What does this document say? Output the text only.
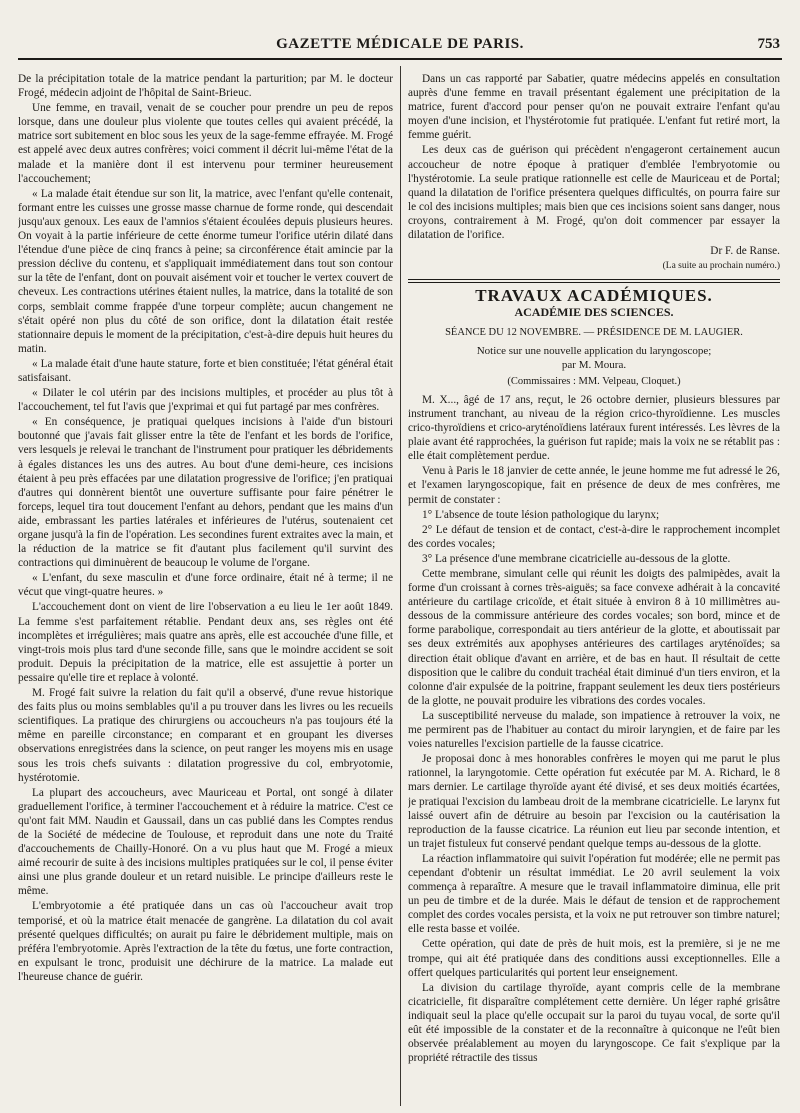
GAZETTE MÉDICALE DE PARIS.	753

De la précipitation totale de la matrice pendant la parturition; par M. le docteur Frogé, médecin adjoint de l'hôpital de Saint-Brieuc.

Une femme, en travail, venait de se coucher pour prendre un peu de repos lorsque, dans une douleur plus violente que toutes celles qui avaient précédé, la matrice sort subitement en bloc sous les yeux de la sage-femme effrayée. M. Frogé est appelé avec deux autres confrères; voici comment il décrit lui-même l'état de la malade et la manière dont il est intervenu pour terminer heureusement l'accouchement;

« La malade était étendue sur son lit, la matrice, avec l'enfant qu'elle contenait, formant entre les cuisses une grosse masse charnue de forme ronde, qui descendait jusqu'aux genoux. Les eaux de l'amnios s'étaient écoulées depuis plusieurs heures. On voyait à la partie inférieure de cette énorme tumeur l'orifice utérin dilaté dans l'étendue d'une pièce de cinq francs à peine; sa circonférence était amincie par la pression déclive du contenu, et s'appliquait immédiatement dans tout son contour sur la tête de l'enfant, dont on pouvait aisément voir et toucher le vertex couvert de cheveux. Les contractions utérines étaient nulles, la matrice, dans la totalité de son corps, semblait comme frappée d'une torpeur complète; aucun changement ne s'était opéré non plus du côté de son orifice, dont la dilatation était restée stationnaire depuis le moment de la précipitation, c'est-à-dire depuis huit heures du matin.

« La malade était d'une haute stature, forte et bien constituée; l'état général était satisfaisant.

« Dilater le col utérin par des incisions multiples, et procéder au plus tôt à l'accouchement, tel fut l'avis que j'exprimai et qui fut partagé par mes confrères.

« En conséquence, je pratiquai quelques incisions à l'aide d'un bistouri boutonné que j'avais fait glisser entre la tête de l'enfant et les bords de l'orifice, vers lesquels je relevai le tranchant de l'instrument pour pratiquer les débridements à égales distances les uns des autres. Au bout d'une demi-heure, ces incisions étaient à peu près effacées par une dilatation progressive de l'orifice; j'en pratiquai d'autres qui donnèrent bientôt une ouverture suffisante pour faire pénétrer le forceps, lequel tira tout doucement l'enfant au dehors, pendant que les mains d'un aide, embrassant les parties latérales et inférieures de l'utérus, soutenaient cet organe jusqu'à la fin de l'opération. Les secondines furent extraites avec la main, et la réduction de la matrice se fit d'autant plus facilement qu'il survint des contractions qui diminuèrent de beaucoup le volume de l'organe.

« L'enfant, du sexe masculin et d'une force ordinaire, était né à terme; il ne vécut que vingt-quatre heures. »

L'accouchement dont on vient de lire l'observation a eu lieu le 1er août 1849. La femme s'est parfaitement rétablie. Pendant deux ans, ses règles ont été incomplètes et irrégulières; mais quatre ans après, elle est accouchée d'une fille, et vingt-trois mois plus tard d'une seconde fille, sans que le moindre accident se soit produit. Depuis la précipitation de la matrice, elle est assujettie à porter un pessaire qu'elle tire et replace à volonté.

M. Frogé fait suivre la relation du fait qu'il a observé, d'une revue historique des faits plus ou moins semblables qu'il a pu trouver dans les livres ou les recueils scientifiques. La pratique des chirurgiens ou accoucheurs n'a pas toujours été la même en pareille circonstance; en comparant et en groupant les diverses observations enregistrées dans la science, on peut ranger les moyens mis en usage sous les trois chefs suivants : dilatation progressive du col, embryotomie, hystérotomie.

La plupart des accoucheurs, avec Mauriceau et Portal, ont songé à dilater graduellement l'orifice, à terminer l'accouchement et à réduire la matrice. C'est ce qu'ont fait MM. Naudin et Gaussail, dans un cas publié dans les Comptes rendus de la Société de médecine de Toulouse, et reproduit dans une note du Traité d'accouchements de Chailly-Honoré. On a vu plus haut que M. Frogé a mieux aimé recourir de suite à des incisions multiples pratiquées sur le col, il pense éviter ainsi une plus grande douleur et un retard nuisible. Le principe d'ailleurs reste le même.

L'embryotomie a été pratiquée dans un cas où l'accoucheur avait trop temporisé, et où la matrice était menacée de gangrène. La dilatation du col avait présenté quelques difficultés; on aurait pu faire le débridement multiple, mais on préféra l'embryotomie. Après l'extraction de la tête du fœtus, une forte contraction, en expulsant le tronc, produisit une déchirure de la matrice. La malade eut l'heureuse chance de guérir.

Dans un cas rapporté par Sabatier, quatre médecins appelés en consultation auprès d'une femme en travail présentant également une précipitation de la matrice, furent d'accord pour penser qu'on ne pouvait extraire l'enfant qu'au moyen d'une incision, et l'hystérotomie fut pratiquée. L'enfant fut retiré mort, la femme guérit.

Les deux cas de guérison qui précèdent n'engageront certainement aucun accoucheur de notre époque à pratiquer d'emblée l'embryotomie ou l'hystérotomie. La seule pratique rationnelle est celle de Mauriceau et de Portal; quand la dilatation de l'orifice présentera quelques difficultés, on pourra faire sur le col des incisions multiples; mais bien que ces incisions soient sans danger, nous croyons, contrairement à M. Frogé, qu'on doit commencer par essayer la dilatation de l'orifice.

Dr F. de Ranse.

(La suite au prochain numéro.)

TRAVAUX ACADÉMIQUES.

ACADÉMIE DES SCIENCES.

SÉANCE DU 12 NOVEMBRE. — PRÉSIDENCE DE M. LAUGIER.

Notice sur une nouvelle application du laryngoscope;

par M. Moura.

(Commissaires : MM. Velpeau, Cloquet.)

M. X..., âgé de 17 ans, reçut, le 26 octobre dernier, plusieurs blessures par instrument tranchant, au niveau de la région crico-thyroïdienne. Les muscles crico-thyroïdiens et crico-aryténoïdiens latéraux furent intéressés. Les lèvres de la plaie avant été rapprochées, la guérison fut rapide; mais la voix ne se rétablit pas : elle était complètement perdue.

Venu à Paris le 18 janvier de cette année, le jeune homme me fut adressé le 26, et l'examen laryngoscopique, fait en présence de deux de mes confrères, me permit de constater :

1° L'absence de toute lésion pathologique du larynx;

2° Le défaut de tension et de contact, c'est-à-dire le rapprochement incomplet des cordes vocales;

3° La présence d'une membrane cicatricielle au-dessous de la glotte.

Cette membrane, simulant celle qui réunit les doigts des palmipèdes, avait la forme d'un croissant à cornes très-aiguës; sa face convexe adhérait à la concavité antérieure du cartilage cricoïde, et était située à environ 8 à 10 millimètres au-dessous de la commissure antérieure des cordes vocales; son bord, mince et de forme parabolique, correspondait au tiers antérieur de la glotte, et aboutissait par ses deux extrémités aux apophyses antérieures des cartilages aryténoïdes; sa direction était oblique d'avant en arrière, et de bas en haut. Il résultait de cette disposition que le calibre du conduit trachéal était diminué d'un tiers environ, et la colonne d'air expulsée de la poitrine, frappant seulement les deux tiers postérieurs de la glotte, ne pouvait produire les vibrations des cordes vocales.

La susceptibilité nerveuse du malade, son impatience à retrouver la voix, ne me permirent pas de l'habituer au contact du miroir laryngien, et de faire par les voies naturelles l'excision partielle de la fausse cicatrice.

Je proposai donc à mes honorables confrères le moyen qui me parut le plus rationnel, la laryngotomie. Cette opération fut exécutée par M. A. Richard, le 8 mars dernier. Le cartilage thyroïde ayant été divisé, et ses deux moitiés écartées, je pratiquai l'excision du lambeau droit de la membrane cicatricielle. Le larynx fut laissé ouvert afin de détruire au besoin par l'excision ou la cautérisation la reproduction de la fausse cicatrice. La réunion eut lieu par seconde intention, et un trajet fistuleux fut conservé pendant quelque temps au-dessous de la glotte.

La réaction inflammatoire qui suivit l'opération fut modérée; elle ne permit pas cependant d'obtenir un résultat immédiat. Le 20 avril seulement la voix commença à reparaître. A mesure que le travail inflammatoire diminua, elle prit un peu de timbre et de la durée. Mais le défaut de tension et de rapprochement complet des cordes vocales persista, et la voix ne put retrouver son timbre naturel; elle resta basse et voilée.

Cette opération, qui date de près de huit mois, est la première, si je ne me trompe, qui ait été pratiquée dans des conditions aussi exceptionnelles. Elle a offert quelques particularités qui portent leur enseignement.

La division du cartilage thyroïde, ayant compris celle de la membrane cicatricielle, fit disparaître complétement cette dernière. Un léger raphé grisâtre indiquait seul la place qu'elle occupait sur la paroi du tuyau vocal, de sorte qu'il eût été impossible de la constater et de la reconnaître à quiconque ne l'eût bien observée préalablement au moyen du laryngoscope. Ce fait s'explique par la propriété rétractile des tissus
